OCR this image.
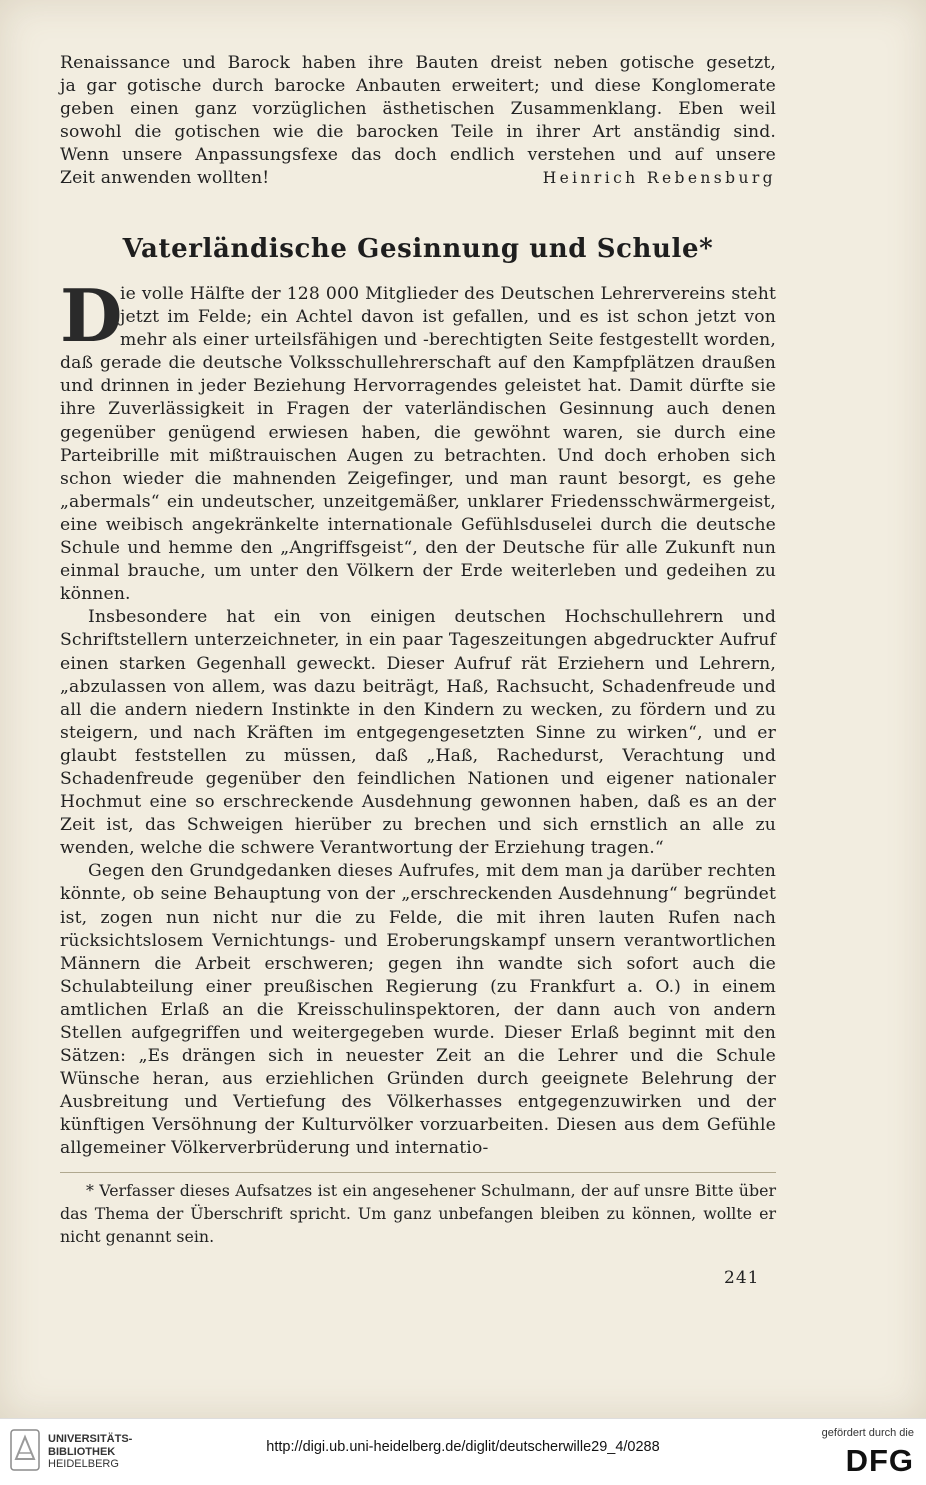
Renaissance und Barock haben ihre Bauten dreist neben gotische gesetzt,
ja gar gotische durch barocke Anbauten erweitert; und diese Konglomerate
geben einen ganz vorzüglichen ästhetischen Zusammenklang. Eben weil
sowohl die gotischen wie die barocken Teile in ihrer Art anständig sind.
Wenn unsere Anpassungsfexe das doch endlich verstehen und auf unsere
Zeit anwenden wollten!	Heinrich Rebensburg
Vaterländische Gesinnung und Schule*

D
ie volle Hälfte der 128 000 Mitglieder des Deutschen Lehrervereins steht jetzt im Felde; ein Achtel davon ist gefallen, und es ist schon jetzt von mehr als einer urteilsfähigen und -berechtigten Seite festgestellt worden, daß gerade die deutsche Volksschullehrerschaft auf den Kampfplätzen draußen und drinnen in jeder Beziehung Hervorragendes geleistet hat. Damit dürfte sie ihre Zuverlässigkeit in Fragen der vaterländischen Gesinnung auch denen gegenüber genügend erwiesen haben, die gewöhnt waren, sie durch eine Parteibrille mit mißtrauischen Augen zu betrachten. Und doch erhoben sich schon wieder die mahnenden Zeigefinger, und man raunt besorgt, es gehe „abermals“ ein undeutscher, unzeitgemäßer, unklarer Friedensschwärmergeist, eine weibisch angekränkelte internationale Gefühlsduselei durch die deutsche Schule und hemme den „Angriffsgeist“, den der Deutsche für alle Zukunft nun einmal brauche, um unter den Völkern der Erde weiterleben und gedeihen zu können.

Insbesondere hat ein von einigen deutschen Hochschullehrern und Schriftstellern unterzeichneter, in ein paar Tageszeitungen abgedruckter Aufruf einen starken Gegenhall geweckt. Dieser Aufruf rät Erziehern und Lehrern, „abzulassen von allem, was dazu beiträgt, Haß, Rachsucht, Schadenfreude und all die andern niedern Instinkte in den Kindern zu wecken, zu fördern und zu steigern, und nach Kräften im entgegengesetzten Sinne zu wirken“, und er glaubt feststellen zu müssen, daß „Haß, Rachedurst, Verachtung und Schadenfreude gegenüber den feindlichen Nationen und eigener nationaler Hochmut eine so erschreckende Ausdehnung gewonnen haben, daß es an der Zeit ist, das Schweigen hierüber zu brechen und sich ernstlich an alle zu wenden, welche die schwere Verantwortung der Erziehung tragen.“

Gegen den Grundgedanken dieses Aufrufes, mit dem man ja darüber rechten könnte, ob seine Behauptung von der „erschreckenden Ausdehnung“ begründet ist, zogen nun nicht nur die zu Felde, die mit ihren lauten Rufen nach rücksichtslosem Vernichtungs- und Eroberungskampf unsern verantwortlichen Männern die Arbeit erschweren; gegen ihn wandte sich sofort auch die Schulabteilung einer preußischen Regierung (zu Frankfurt a. O.) in einem amtlichen Erlaß an die Kreisschulinspektoren, der dann auch von andern Stellen aufgegriffen und weitergegeben wurde. Dieser Erlaß beginnt mit den Sätzen: „Es drängen sich in neuester Zeit an die Lehrer und die Schule Wünsche heran, aus erziehlichen Gründen durch geeignete Belehrung der Ausbreitung und Vertiefung des Völkerhasses entgegenzuwirken und der künftigen Versöhnung der Kulturvölker vorzuarbeiten. Diesen aus dem Gefühle allgemeiner Völkerverbrüderung und internatio-

* Verfasser dieses Aufsatzes ist ein angesehener Schulmann, der auf unsre Bitte über das Thema der Überschrift spricht. Um ganz unbefangen bleiben zu können, wollte er nicht genannt sein.

241
UNIVERSITÄTS-
BIBLIOTHEK
HEIDELBERG
http://digi.ub.uni-heidelberg.de/diglit/deutscherwille29_4/0288
gefördert durch die
DFG
